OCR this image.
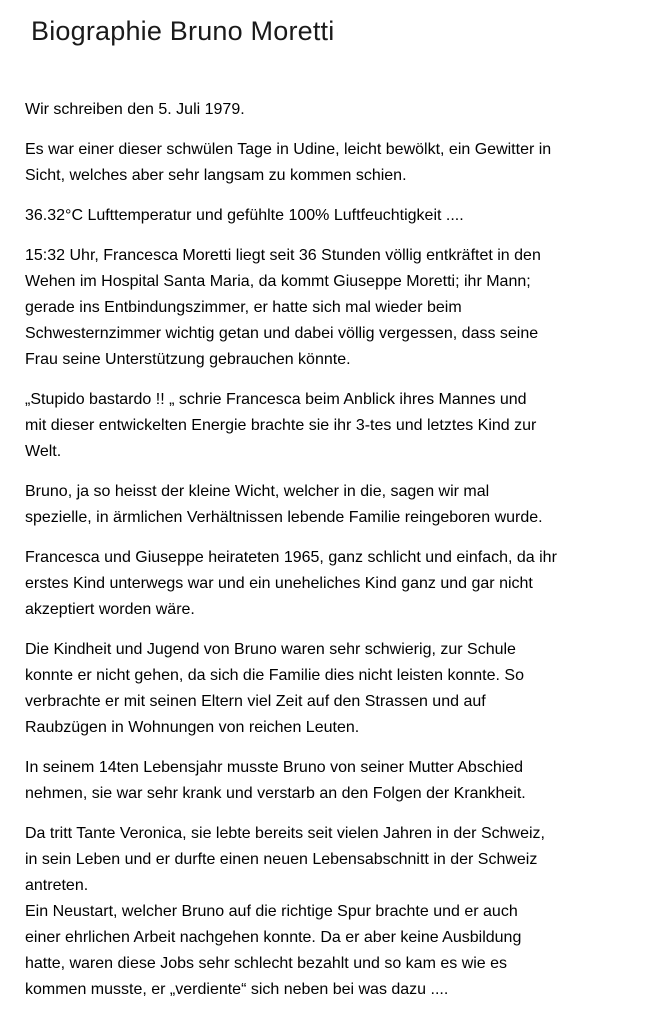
Biographie Bruno Moretti

Wir schreiben den 5. Juli 1979.

Es war einer dieser schwülen Tage in Udine, leicht bewölkt, ein Gewitter in
Sicht, welches aber sehr langsam zu kommen schien.

36.32°C Lufttemperatur und gefühlte 100% Luftfeuchtigkeit ....

15:32 Uhr, Francesca Moretti liegt seit 36 Stunden völlig entkräftet in den
Wehen im Hospital Santa Maria, da kommt Giuseppe Moretti; ihr Mann;
gerade ins Entbindungszimmer, er hatte sich mal wieder beim
Schwesternzimmer wichtig getan und dabei völlig vergessen, dass seine
Frau seine Unterstützung gebrauchen könnte.

„Stupido bastardo !! „ schrie Francesca beim Anblick ihres Mannes und
mit dieser entwickelten Energie brachte sie ihr 3-tes und letztes Kind zur
Welt.

Bruno, ja so heisst der kleine Wicht, welcher in die, sagen wir mal
spezielle, in ärmlichen Verhältnissen lebende Familie reingeboren wurde.

Francesca und Giuseppe heirateten 1965, ganz schlicht und einfach, da ihr
erstes Kind unterwegs war und ein uneheliches Kind ganz und gar nicht
akzeptiert worden wäre.

Die Kindheit und Jugend von Bruno waren sehr schwierig, zur Schule
konnte er nicht gehen, da sich die Familie dies nicht leisten konnte. So
verbrachte er mit seinen Eltern viel Zeit auf den Strassen und auf
Raubzügen in Wohnungen von reichen Leuten.

In seinem 14ten Lebensjahr musste Bruno von seiner Mutter Abschied
nehmen, sie war sehr krank und verstarb an den Folgen der Krankheit.

Da tritt Tante Veronica, sie lebte bereits seit vielen Jahren in der Schweiz,
in sein Leben und er durfte einen neuen Lebensabschnitt in der Schweiz
antreten.
Ein Neustart, welcher Bruno auf die richtige Spur brachte und er auch
einer ehrlichen Arbeit nachgehen konnte. Da er aber keine Ausbildung
hatte, waren diese Jobs sehr schlecht bezahlt und so kam es wie es
kommen musste, er „verdiente“ sich neben bei was dazu ....
